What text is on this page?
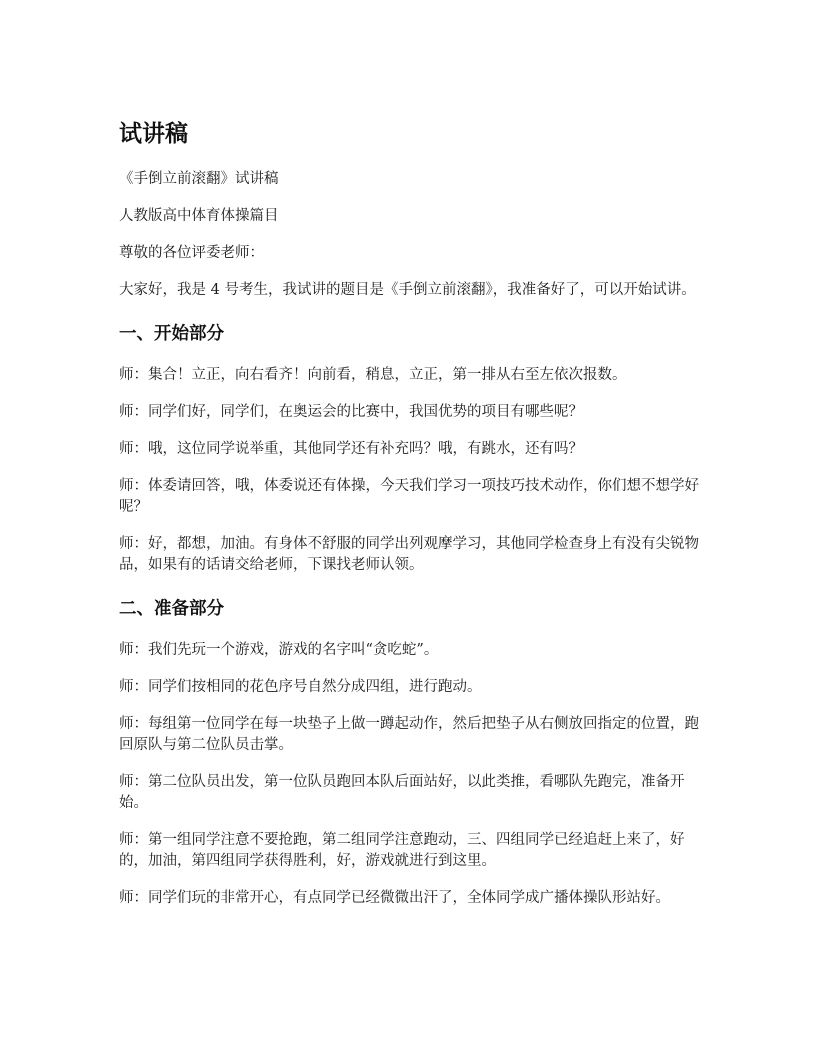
试讲稿

《手倒立前滚翻》试讲稿

人教版高中体育体操篇目

尊敬的各位评委老师：

大家好，我是 4 号考生，我试讲的题目是《手倒立前滚翻》，我准备好了，可以开始试讲。

一、开始部分

师：集合！立正，向右看齐！向前看，稍息，立正，第一排从右至左依次报数。

师：同学们好，同学们，在奥运会的比赛中，我国优势的项目有哪些呢？

师：哦，这位同学说举重，其他同学还有补充吗？哦，有跳水，还有吗？

师：体委请回答，哦，体委说还有体操，今天我们学习一项技巧技术动作，你们想不想学好呢？

师：好，都想，加油。有身体不舒服的同学出列观摩学习，其他同学检查身上有没有尖锐物品，如果有的话请交给老师，下课找老师认领。

二、准备部分

师：我们先玩一个游戏，游戏的名字叫“贪吃蛇”。

师：同学们按相同的花色序号自然分成四组，进行跑动。

师：每组第一位同学在每一块垫子上做一蹲起动作，然后把垫子从右侧放回指定的位置，跑回原队与第二位队员击掌。

师：第二位队员出发，第一位队员跑回本队后面站好，以此类推，看哪队先跑完，准备开始。

师：第一组同学注意不要抢跑，第二组同学注意跑动，三、四组同学已经追赶上来了，好的，加油，第四组同学获得胜利，好，游戏就进行到这里。

师：同学们玩的非常开心，有点同学已经微微出汗了，全体同学成广播体操队形站好。
